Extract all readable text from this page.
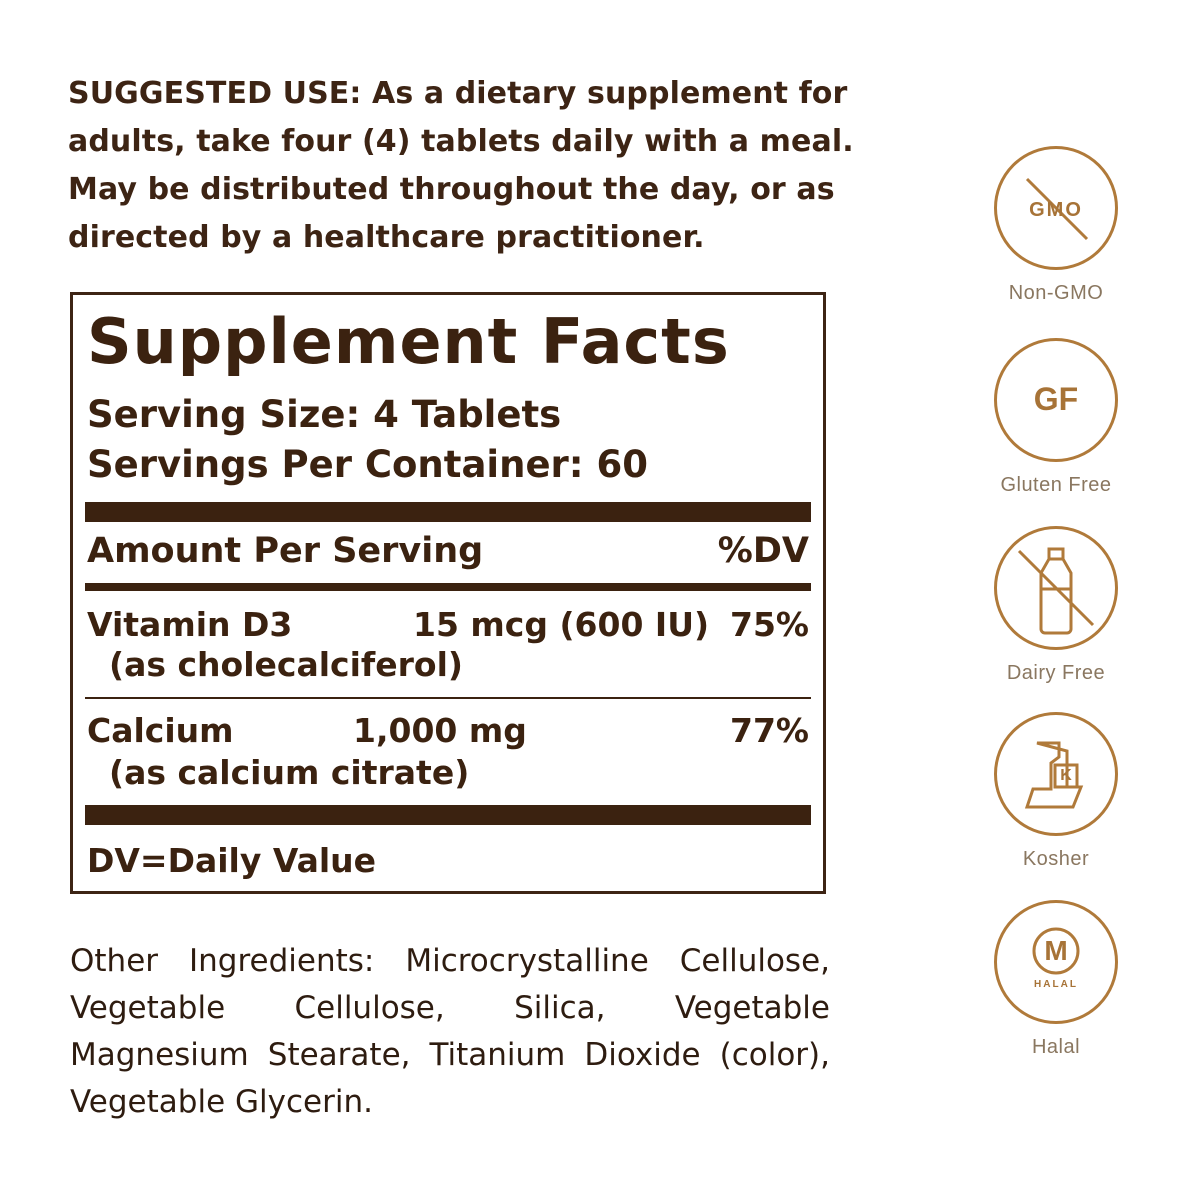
SUGGESTED USE: As a dietary supplement for adults, take four (4) tablets daily with a meal. May be distributed throughout the day, or as directed by a healthcare practitioner.
Supplement Facts
Serving Size: 4 Tablets
Servings Per Container: 60
Amount Per Serving	%DV
Vitamin D3	15 mcg (600 IU) 75%
(as cholecalciferol)
Calcium	1,000 mg	77%
(as calcium citrate)
DV=Daily Value
Other Ingredients: Microcrystalline Cellulose, Vegetable Cellulose, Silica, Vegetable Magnesium Stearate, Titanium Dioxide (color), Vegetable Glycerin.
GMO
Non-GMO
GF
Gluten Free
Dairy Free
K
Kosher
M
HALAL
Halal
